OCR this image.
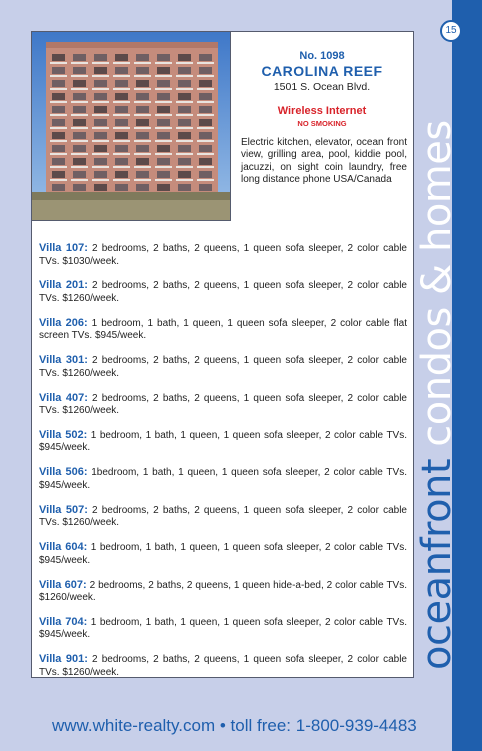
15
oceanfront condos & homes
No. 1098
CAROLINA REEF
1501 S. Ocean Blvd.
Wireless Internet
NO SMOKING
Electric kitchen, elevator, ocean front view, grilling area, pool, kiddie pool, jacuzzi, on sight coin laundry, free long distance phone USA/Canada
Villa 107: 2 bedrooms, 2 baths, 2 queens, 1 queen sofa sleeper, 2 color cable TVs. $1030/week.
Villa 201: 2 bedrooms, 2 baths, 2 queens, 1 queen sofa sleeper, 2 color cable TVs. $1260/week.
Villa 206: 1 bedroom, 1 bath, 1 queen, 1 queen sofa sleeper, 2 color cable flat screen TVs. $945/week.
Villa 301: 2 bedrooms, 2 baths, 2 queens, 1 queen sofa sleeper, 2 color cable TVs. $1260/week.
Villa 407: 2 bedrooms, 2 baths, 2 queens, 1 queen sofa sleeper, 2 color cable TVs. $1260/week.
Villa 502: 1 bedroom, 1 bath, 1 queen, 1 queen sofa sleeper, 2 color cable TVs. $945/week.
Villa 506: 1bedroom, 1 bath, 1 queen, 1 queen sofa sleeper, 2 color cable TVs. $945/week.
Villa 507: 2 bedrooms, 2 baths, 2 queens, 1 queen sofa sleeper, 2 color cable TVs. $1260/week.
Villa 604: 1 bedroom, 1 bath, 1 queen, 1 queen sofa sleeper, 2 color cable TVs. $945/week.
Villa 607: 2 bedrooms, 2 baths, 2 queens, 1 queen hide-a-bed, 2 color cable TVs. $1260/week.
Villa 704: 1 bedroom, 1 bath, 1 queen, 1 queen sofa sleeper, 2 color cable TVs. $945/week.
Villa 901: 2 bedrooms, 2 baths, 2 queens, 1 queen sofa sleeper, 2 color cable TVs. $1260/week.
www.white-realty.com • toll free: 1-800-939-4483
